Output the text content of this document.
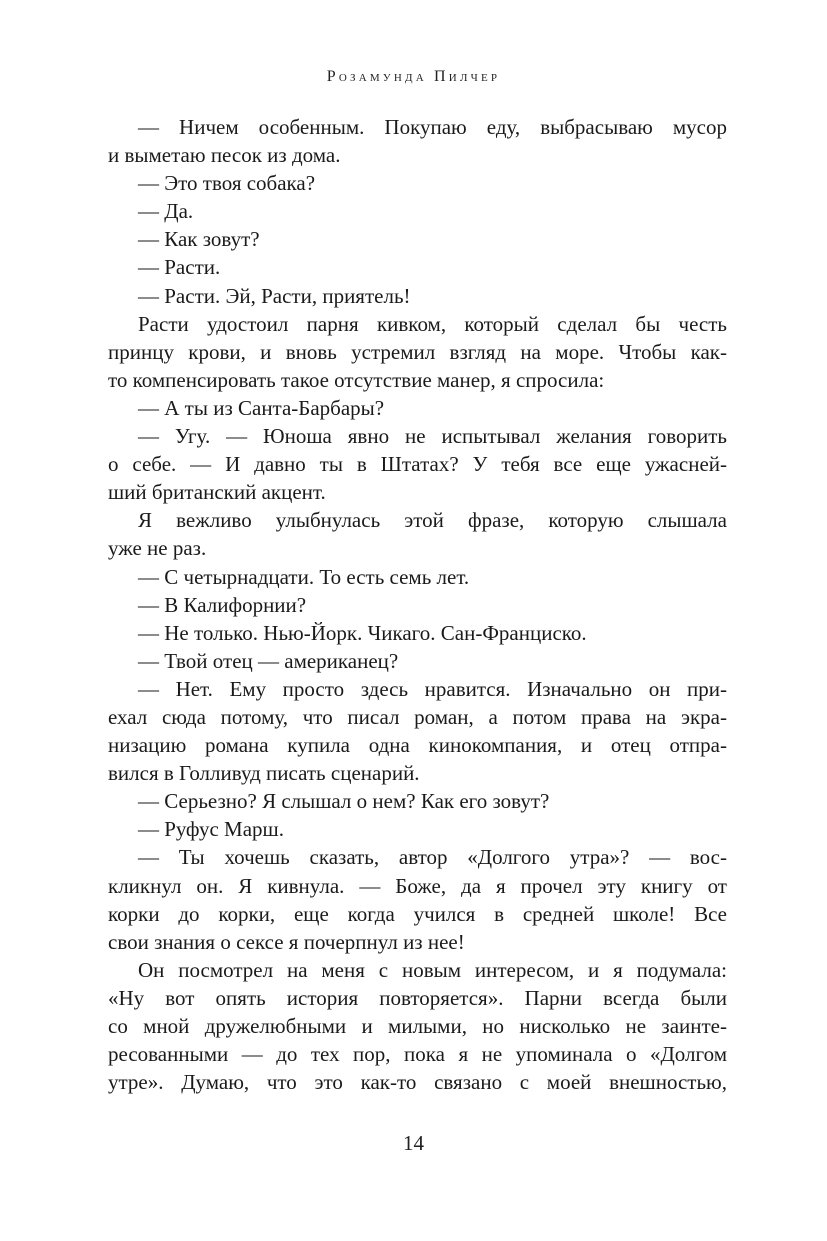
Розамунда Пилчер
— Ничем особенным. Покупаю еду, выбрасываю мусор
и выметаю песок из дома.
— Это твоя собака?
— Да.
— Как зовут?
— Расти.
— Расти. Эй, Расти, приятель!
Расти удостоил парня кивком, который сделал бы честь
принцу крови, и вновь устремил взгляд на море. Чтобы как-
то компенсировать такое отсутствие манер, я спросила:
— А ты из Санта-Барбары?
— Угу. — Юноша явно не испытывал желания говорить
о себе. — И давно ты в Штатах? У тебя все еще ужасней-
ший британский акцент.
Я вежливо улыбнулась этой фразе, которую слышала
уже не раз.
— С четырнадцати. То есть семь лет.
— В Калифорнии?
— Не только. Нью-Йорк. Чикаго. Сан-Франциско.
— Твой отец — американец?
— Нет. Ему просто здесь нравится. Изначально он при-
ехал сюда потому, что писал роман, а потом права на экра-
низацию романа купила одна кинокомпания, и отец отпра-
вился в Голливуд писать сценарий.
— Серьезно? Я слышал о нем? Как его зовут?
— Руфус Марш.
— Ты хочешь сказать, автор «Долгого утра»? — вос-
кликнул он. Я кивнула. — Боже, да я прочел эту книгу от
корки до корки, еще когда учился в средней школе! Все
свои знания о сексе я почерпнул из нее!
Он посмотрел на меня с новым интересом, и я подумала:
«Ну вот опять история повторяется». Парни всегда были
со мной дружелюбными и милыми, но нисколько не заинте-
ресованными — до тех пор, пока я не упоминала о «Долгом
утре». Думаю, что это как-то связано с моей внешностью,
14
